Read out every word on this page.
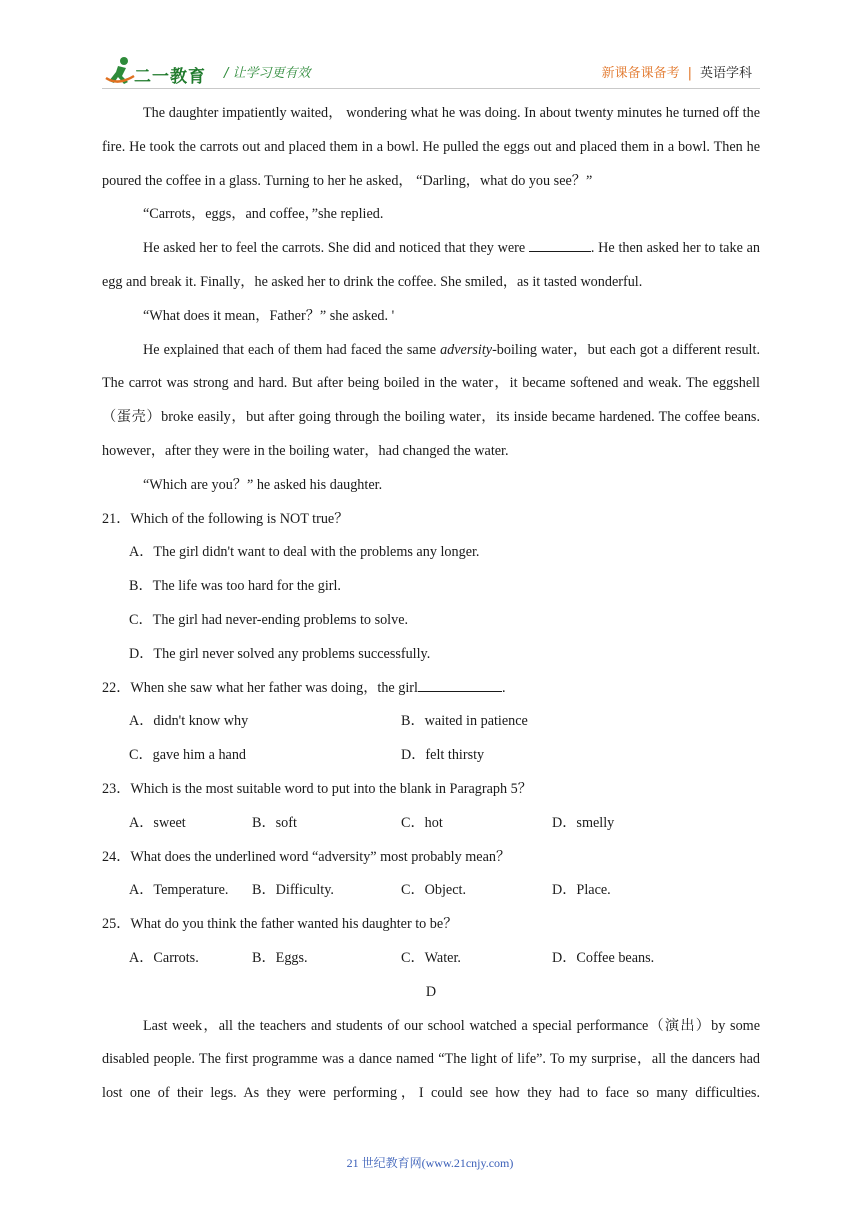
二一教育 / 让学习更有效	新课备课备考 | 英语学科

The daughter impatiently waited， wondering what he was doing. In about twenty minutes he turned off the fire. He took the carrots out and placed them in a bowl. He pulled the eggs out and placed them in a bowl. Then he poured the coffee in a glass. Turning to her he asked， “Darling，what do you see？”

“Carrots，eggs，and coffee，”she replied.

He asked her to feel the carrots. She did and noticed that they were	. He then asked her to take an egg and break it. Finally，he asked her to drink the coffee. She smiled，as it tasted wonderful.

“What does it mean，Father？” she asked. '

He explained that each of them had faced the same adversity-boiling water，but each got a different result. The carrot was strong and hard. But after being boiled in the water，it became softened and weak. The eggshell（蛋壳）broke easily，but after going through the boiling water，its inside became hardened. The coffee beans. however，after they were in the boiling water，had changed the water.

“Which are you？” he asked his daughter.

21．Which of the following is NOT true？

A．The girl didn't want to deal with the problems any longer.

B．The life was too hard for the girl.

C．The girl had never-ending problems to solve.

D．The girl never solved any problems successfully.

22．When she saw what her father was doing，the girl	.

A．didn't know why	B．waited in patience
C．gave him a hand	D．felt thirsty

23．Which is the most suitable word to put into the blank in Paragraph 5？

A．sweet	B．soft	C．hot	D．smelly

24．What does the underlined word “adversity” most probably mean？

A．Temperature. B．Difficulty.	C．Object.	D．Place.

25．What do you think the father wanted his daughter to be？

A．Carrots.	B．Eggs.	C．Water.	D．Coffee beans.

D

Last week，all the teachers and students of our school watched a special performance（演出）by some disabled people. The first programme was a dance named “The light of life”. To my surprise，all the dancers had lost one of their legs. As they were performing，I could see how they had to face so many difficulties.

21 世纪教育网(www.21cnjy.com)
